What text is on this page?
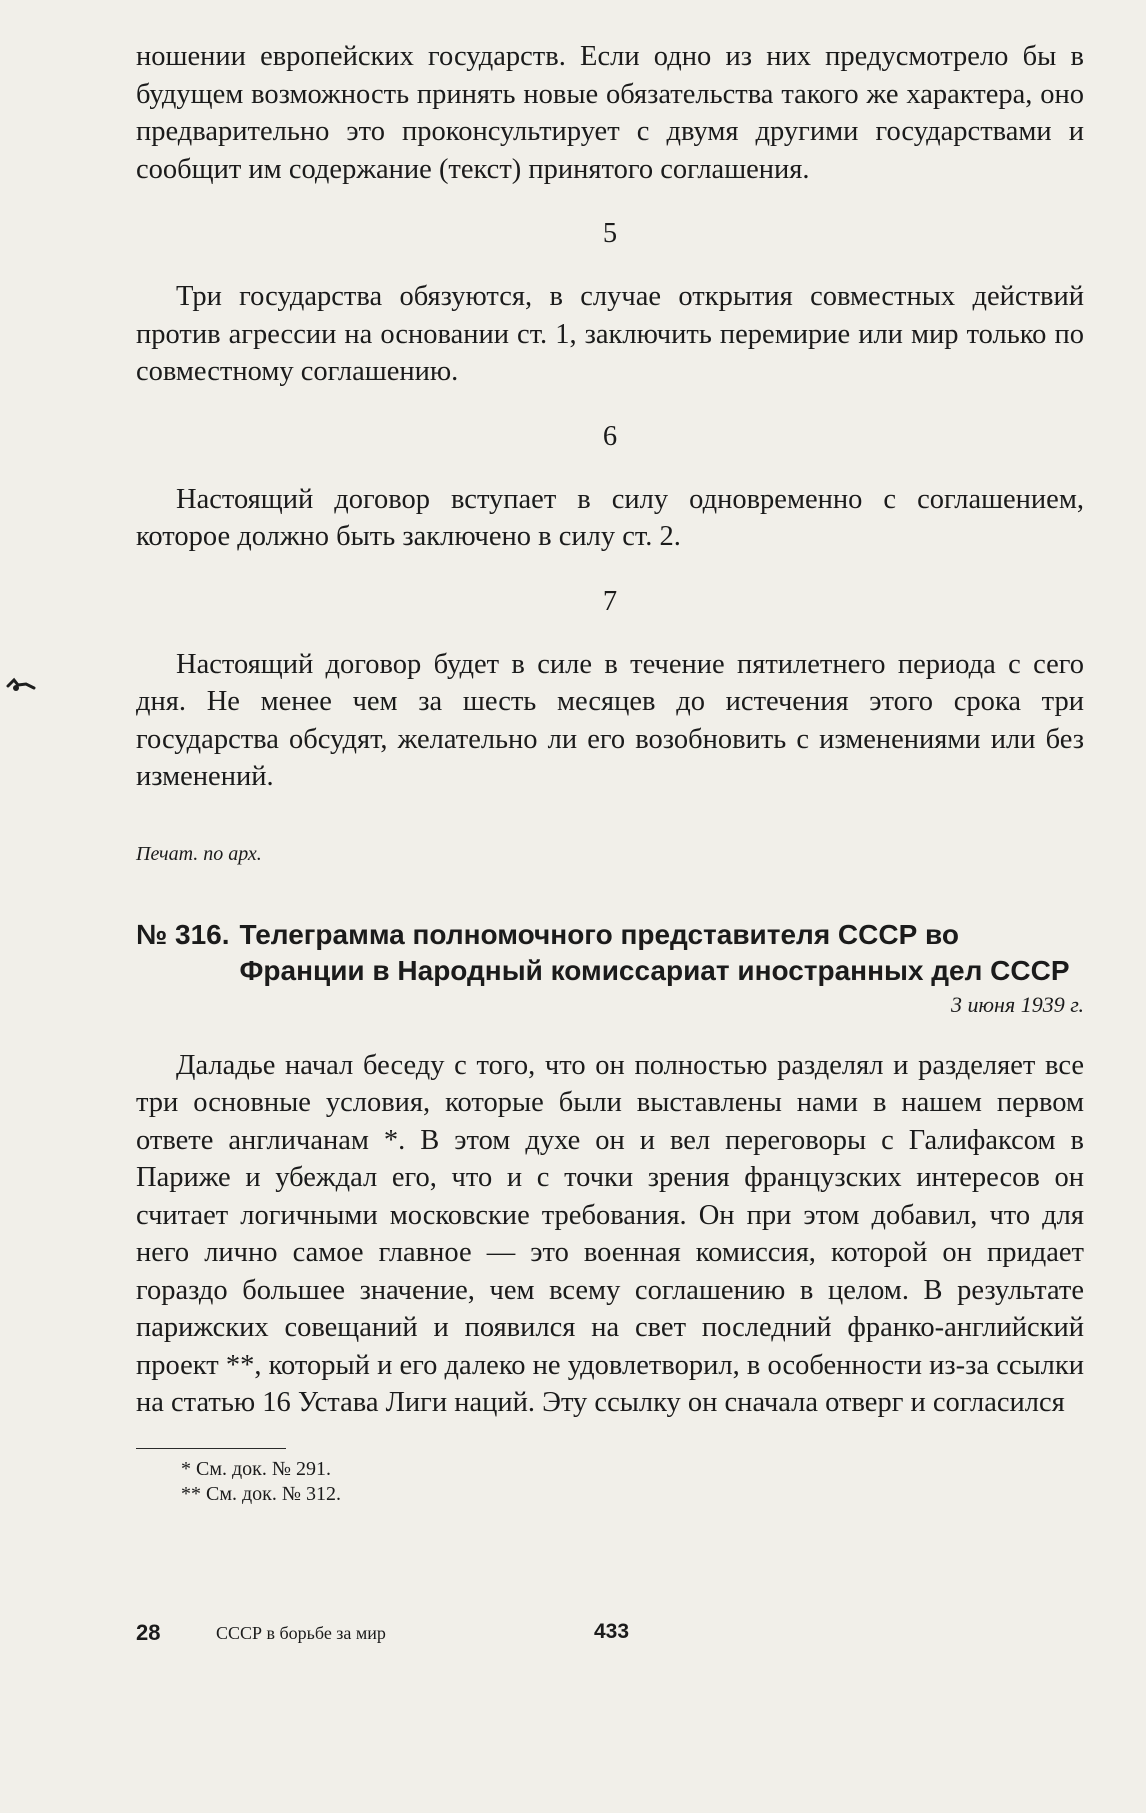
ношении европейских государств. Если одно из них предусмотрело бы в будущем возможность принять новые обязательства такого же характера, оно предварительно это проконсультирует с двумя другими государствами и сообщит им содержание (текст) принятого соглашения.

5

Три государства обязуются, в случае открытия совместных действий против агрессии на основании ст. 1, заключить перемирие или мир только по совместному соглашению.

6

Настоящий договор вступает в силу одновременно с соглашением, которое должно быть заключено в силу ст. 2.

7

Настоящий договор будет в силе в течение пятилетнего периода с сего дня. Не менее чем за шесть месяцев до истечения этого срока три государства обсудят, желательно ли его возобновить с изменениями или без изменений.

Печат. по арх.

№ 316. Телеграмма полномочного представителя СССР во Франции в Народный комиссариат иностранных дел СССР

3 июня 1939 г.

Даладье начал беседу с того, что он полностью разделял и разделяет все три основные условия, которые были выставлены нами в нашем первом ответе англичанам *. В этом духе он и вел переговоры с Галифаксом в Париже и убеждал его, что и с точки зрения французских интересов он считает логичными московские требования. Он при этом добавил, что для него лично самое главное — это военная комиссия, которой он придает гораздо большее значение, чем всему соглашению в целом. В результате парижских совещаний и появился на свет последний франко-английский проект **, который и его далеко не удовлетворил, в особенности из-за ссылки на статью 16 Устава Лиги наций. Эту ссылку он сначала отверг и согласился

* См. док. № 291.

** См. док. № 312.

28	СССР в борьбе за мир	433
